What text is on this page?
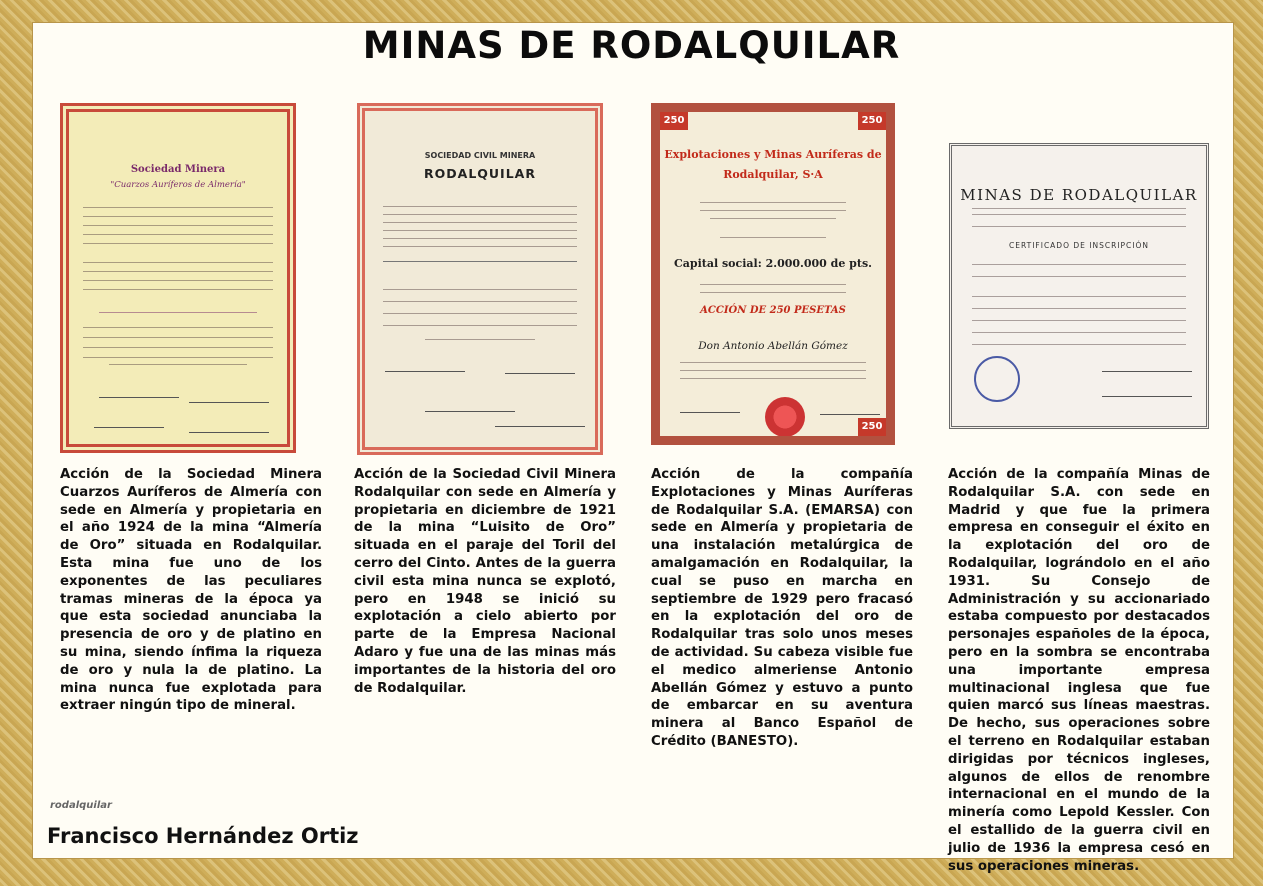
MINAS DE RODALQUILAR
Sociedad Minera
"Cuarzos Auríferos de Almería"

Acción de la Sociedad Minera Cuarzos Auríferos de Almería con sede en Almería y propietaria en el año 1924 de la mina “Almería de Oro” situada en Rodalquilar. Esta mina fue uno de los exponentes de las peculiares tramas mineras de la época ya que esta sociedad anunciaba la presencia de oro y de platino en su mina, siendo ínfima la riqueza de oro y nula la de platino. La mina nunca fue explotada para extraer ningún tipo de mineral.

SOCIEDAD CIVIL MINERA
RODALQUILAR

Acción de la Sociedad Civil Minera Rodalquilar con sede en Almería y propietaria en diciembre de 1921 de la mina “Luisito de Oro” situada en el paraje del Toril del cerro del Cinto. Antes de la guerra civil esta mina nunca se explotó, pero en 1948 se inició su explotación a cielo abierto por parte de la Empresa Nacional Adaro y fue una de las minas más importantes de la historia del oro de Rodalquilar.

250	250
250
Explotaciones y Minas Auríferas de Rodalquilar, S·A
Capital social: 2.000.000 de pts.
ACCIÓN DE 250 PESETAS
Don Antonio Abellán Gómez

Acción de la compañía Explotaciones y Minas Auríferas de Rodalquilar S.A. (EMARSA) con sede en Almería y propietaria de una instalación metalúrgica de amalgamación en Rodalquilar, la cual se puso en marcha en septiembre de 1929 pero fracasó en la explotación del oro de Rodalquilar tras solo unos meses de actividad. Su cabeza visible fue el medico almeriense Antonio Abellán Gómez y estuvo a punto de embarcar en su aventura minera al Banco Español de Crédito (BANESTO).

MINAS DE RODALQUILAR
CERTIFICADO DE INSCRIPCIÓN

Acción de la compañía Minas de Rodalquilar S.A. con sede en Madrid y que fue la primera empresa en conseguir el éxito en la explotación del oro de Rodalquilar, lográndolo en el año 1931. Su Consejo de Administración y su accionariado estaba compuesto por destacados personajes españoles de la época, pero en la sombra se encontraba una importante empresa multinacional inglesa que fue quien marcó sus líneas maestras. De hecho, sus operaciones sobre el terreno en Rodalquilar estaban dirigidas por técnicos ingleses, algunos de ellos de renombre internacional en el mundo de la minería como Lepold Kessler. Con el estallido de la guerra civil en julio de 1936 la empresa cesó en sus operaciones mineras.

rodalquilar

Francisco Hernández Ortiz
